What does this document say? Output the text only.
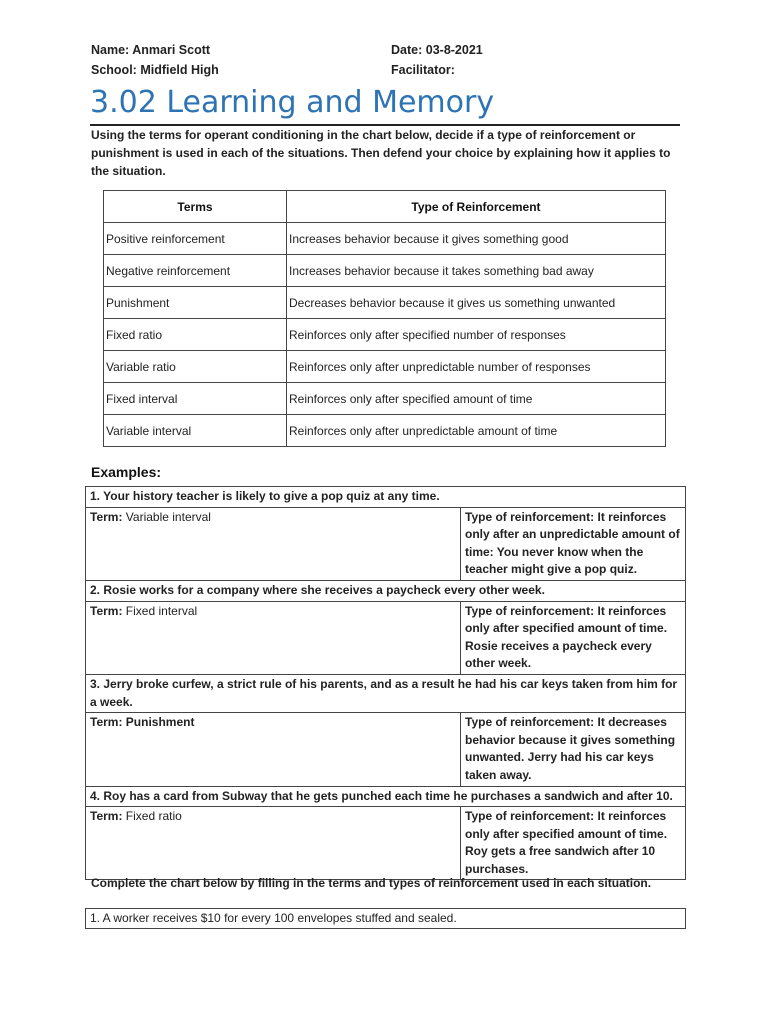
Name: Anmari Scott
School: Midfield High
Date: 03-8-2021
Facilitator:
3.02 Learning and Memory
Using the terms for operant conditioning in the chart below, decide if a type of reinforcement or punishment is used in each of the situations. Then defend your choice by explaining how it applies to the situation.
Terms	Type of Reinforcement
Positive reinforcement	Increases behavior because it gives something good
Negative reinforcement	Increases behavior because it takes something bad away
Punishment	Decreases behavior because it gives us something unwanted
Fixed ratio	Reinforces only after specified number of responses
Variable ratio	Reinforces only after unpredictable number of responses
Fixed interval	Reinforces only after specified amount of time
Variable interval	Reinforces only after unpredictable amount of time
Examples:
1. Your history teacher is likely to give a pop quiz at any time.	
Term: Variable interval	Type of reinforcement: It reinforces only after an unpredictable amount of time: You never know when the teacher might give a pop quiz.
2. Rosie works for a company where she receives a paycheck every other week.	
Term: Fixed interval	Type of reinforcement: It reinforces only after specified amount of time. Rosie receives a paycheck every other week.
3. Jerry broke curfew, a strict rule of his parents, and as a result he had his car keys taken from him for a week.	
Term: Punishment	Type of reinforcement: It decreases behavior because it gives something unwanted. Jerry had his car keys taken away.
4. Roy has a card from Subway that he gets punched each time he purchases a sandwich and after 10.	
Term: Fixed ratio	Type of reinforcement: It reinforces only after specified amount of time. Roy gets a free sandwich after 10 purchases.
Complete the chart below by filling in the terms and types of reinforcement used in each situation.
1. A worker receives $10 for every 100 envelopes stuffed and sealed.
